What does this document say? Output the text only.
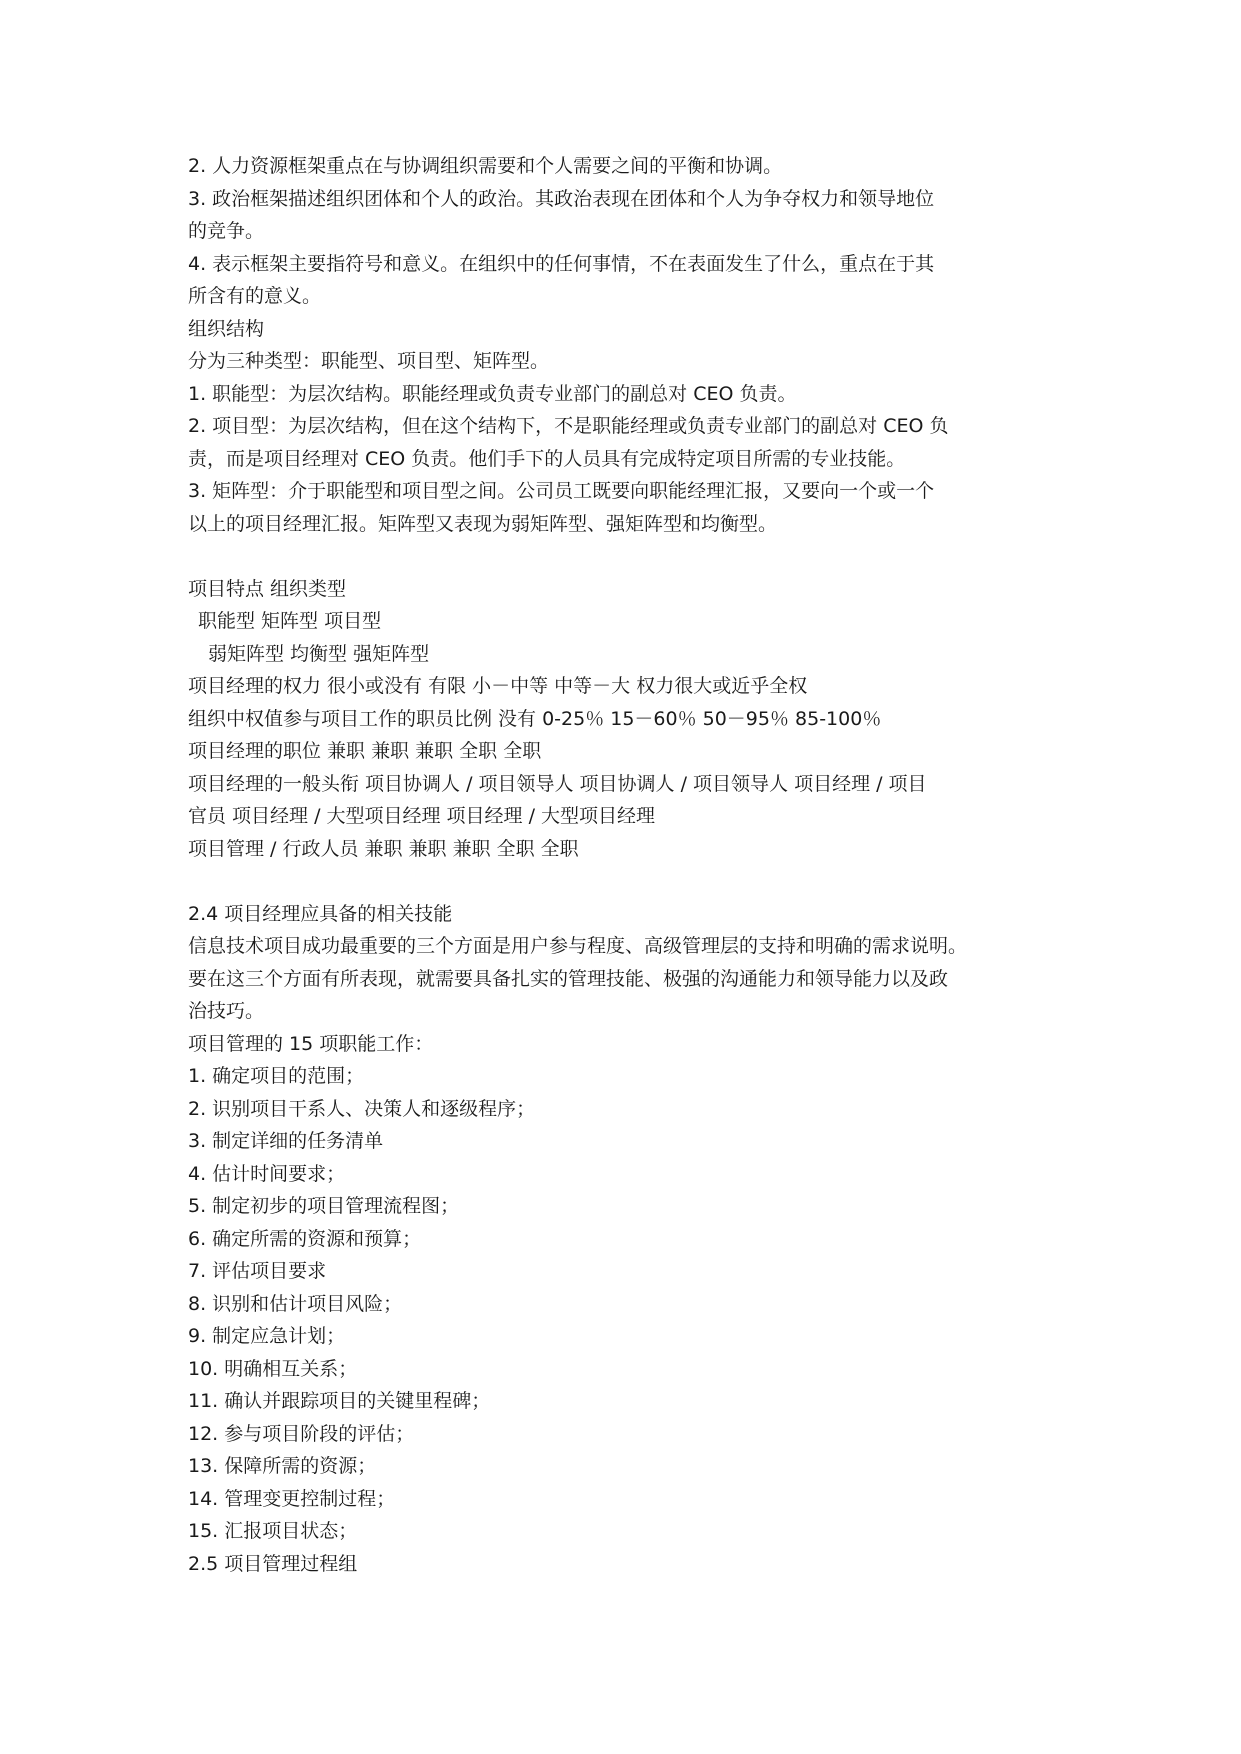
2. 人力资源框架重点在与协调组织需要和个人需要之间的平衡和协调。
3. 政治框架描述组织团体和个人的政治。其政治表现在团体和个人为争夺权力和领导地位
的竞争。
4. 表示框架主要指符号和意义。在组织中的任何事情，不在表面发生了什么，重点在于其
所含有的意义。
组织结构
分为三种类型：职能型、项目型、矩阵型。
1. 职能型：为层次结构。职能经理或负责专业部门的副总对 CEO 负责。
2. 项目型：为层次结构，但在这个结构下，不是职能经理或负责专业部门的副总对 CEO 负
责，而是项目经理对 CEO 负责。他们手下的人员具有完成特定项目所需的专业技能。
3. 矩阵型：介于职能型和项目型之间。公司员工既要向职能经理汇报，又要向一个或一个
以上的项目经理汇报。矩阵型又表现为弱矩阵型、强矩阵型和均衡型。
项目特点 组织类型
职能型 矩阵型 项目型
弱矩阵型 均衡型 强矩阵型
项目经理的权力 很小或没有 有限 小－中等 中等－大 权力很大或近乎全权
组织中权值参与项目工作的职员比例 没有 0-25％ 15－60％ 50－95％ 85-100％
项目经理的职位 兼职 兼职 兼职 全职 全职
项目经理的一般头衔 项目协调人 / 项目领导人 项目协调人 / 项目领导人 项目经理 / 项目
官员 项目经理 / 大型项目经理 项目经理 / 大型项目经理
项目管理 / 行政人员 兼职 兼职 兼职 全职 全职
2.4 项目经理应具备的相关技能
信息技术项目成功最重要的三个方面是用户参与程度、高级管理层的支持和明确的需求说明。
要在这三个方面有所表现，就需要具备扎实的管理技能、极强的沟通能力和领导能力以及政
治技巧。
项目管理的 15 项职能工作：
1. 确定项目的范围；
2. 识别项目干系人、决策人和逐级程序；
3. 制定详细的任务清单
4. 估计时间要求；
5. 制定初步的项目管理流程图；
6. 确定所需的资源和预算；
7. 评估项目要求
8. 识别和估计项目风险；
9. 制定应急计划；
10. 明确相互关系；
11. 确认并跟踪项目的关键里程碑；
12. 参与项目阶段的评估；
13. 保障所需的资源；
14. 管理变更控制过程；
15. 汇报项目状态；
2.5 项目管理过程组
